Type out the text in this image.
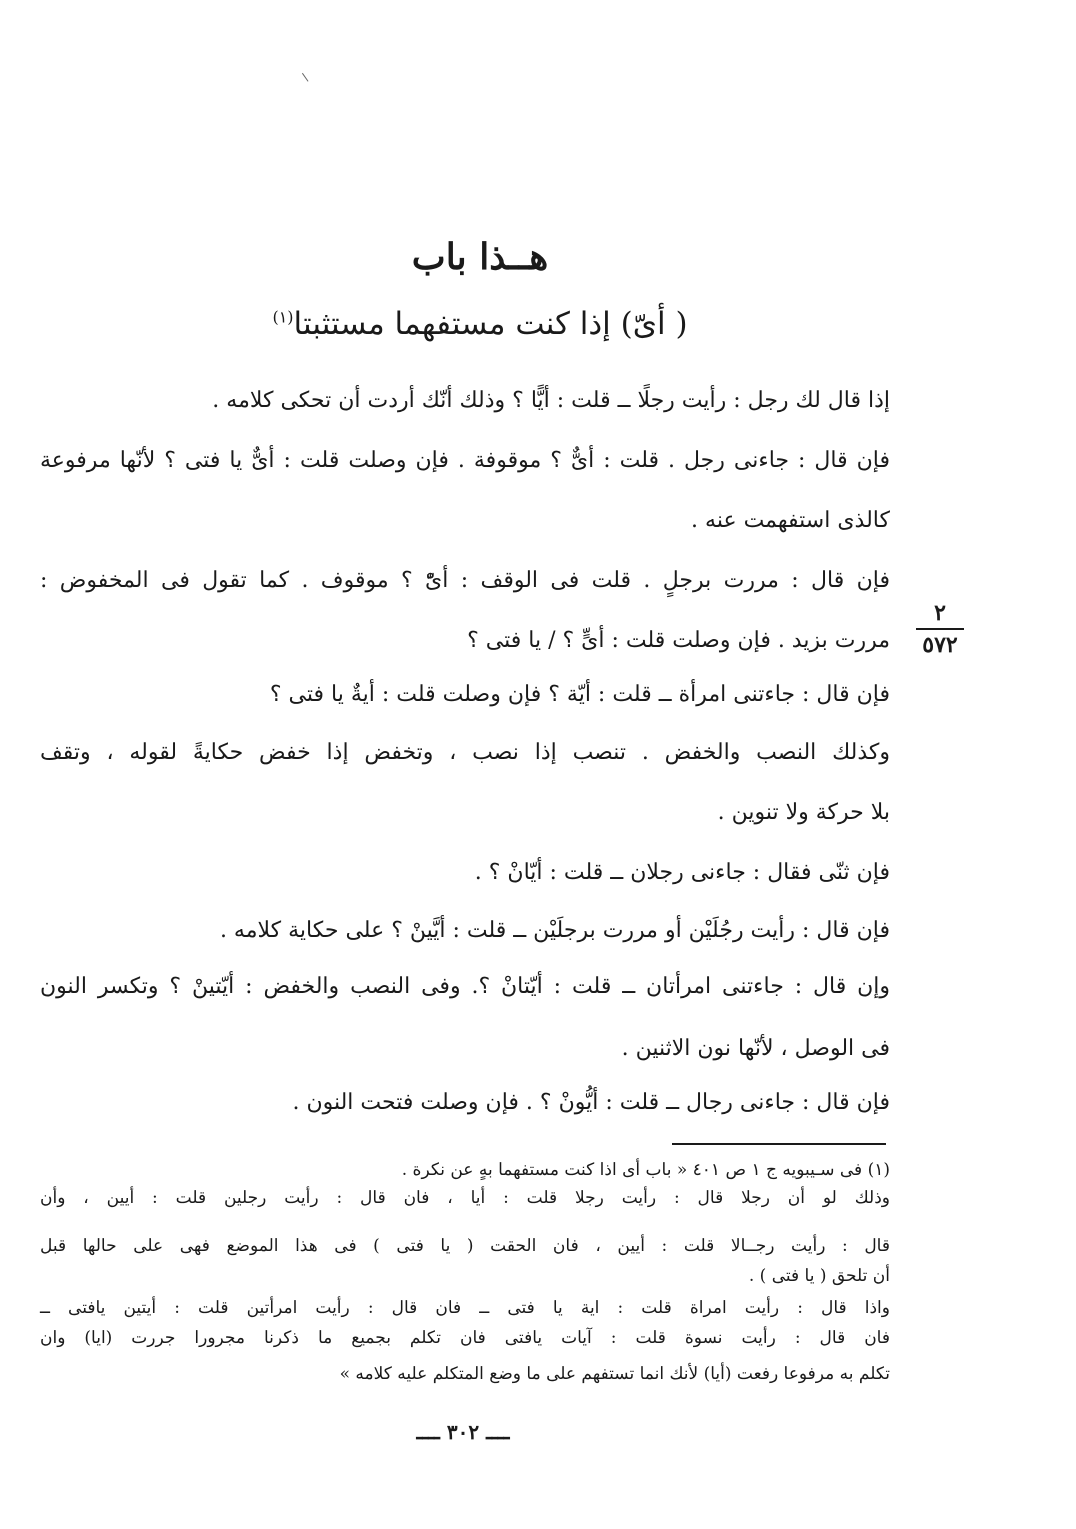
هــذا باب
( أىّ) إذا كنت مستفهما مستثبتا$^{(١)}$
إذا قال لك رجل : رأيت رجلًا ــ قلت : أيًّا ؟ وذلك أنّك أردت أن تحكى كلامه .
فإن قال : جاءنى رجل . قلت : أىٌّ ؟ موقوفة . فإن وصلت قلت : أىٌّ يا فتى ؟ لأنّها مرفوعة
كالذى استفهمت عنه .
فإن قال : مررت برجلٍ . قلت فى الوقف : أىّْ ؟ موقوف . كما تقول فى المخفوض :
مررت بزيد . فإن وصلت قلت : أىٍّ ؟ / يا فتى ؟
٢
٥٧٢
فإن قال : جاءتنى امرأة ــ قلت : أيّة ؟ فإن وصلت قلت : أيةٌ يا فتى ؟
وكذلك النصب والخفض . تنصب إذا نصب ، وتخفض إذا خفض حكايةً لقوله ، وتقف
بلا حركة ولا تنوين .
فإن ثنّى فقال : جاءنى رجلان ــ قلت : أيّانْ ؟ .
فإن قال : رأيت رجُلَيْن أو مررت برجلَيْن ــ قلت : أيَّينْ ؟ على حكاية كلامه .
وإن قال : جاءتنى امرأتان ــ قلت : أيّتانْ ؟. وفى النصب والخفض : أيّتينْ ؟ وتكسر النون
فى الوصل ، لأنّها نون الاثنين .
فإن قال : جاءنى رجال ــ قلت : أيُّونْ ؟ . فإن وصلت فتحت النون .
(١) فى سـيبويه ج ١ ص ٤٠١ « باب أى اذا كنت مستفهما بهٍ عن نكرة .
وذلك لو أن رجلا قال : رأيت رجلا قلت : أيا ، فان قال : رأيت رجلين قلت : أيين ، وأن
قال : رأيت رجــالا قلت : أيين ، فان الحقت ( يا فتى ) فى هذا الموضع فهى على حالها قبل
أن تلحق ( يا فتى ) .
واذا قال : رأيت امراة قلت : اية يا فتى ــ فان قال : رأيت امرأتين قلت : أيتين يافتى ــ
فان قال : رأيت نسوة قلت : آيات يافتى فان تكلم بجميع ما ذكرنا مجرورا جررت (ايا) وان
تكلم به مرفوعا رفعت (أيا) لأنك انما تستفهم على ما وضع المتكلم عليه كلامه »
ــــ ٣٠٢ ــــ
